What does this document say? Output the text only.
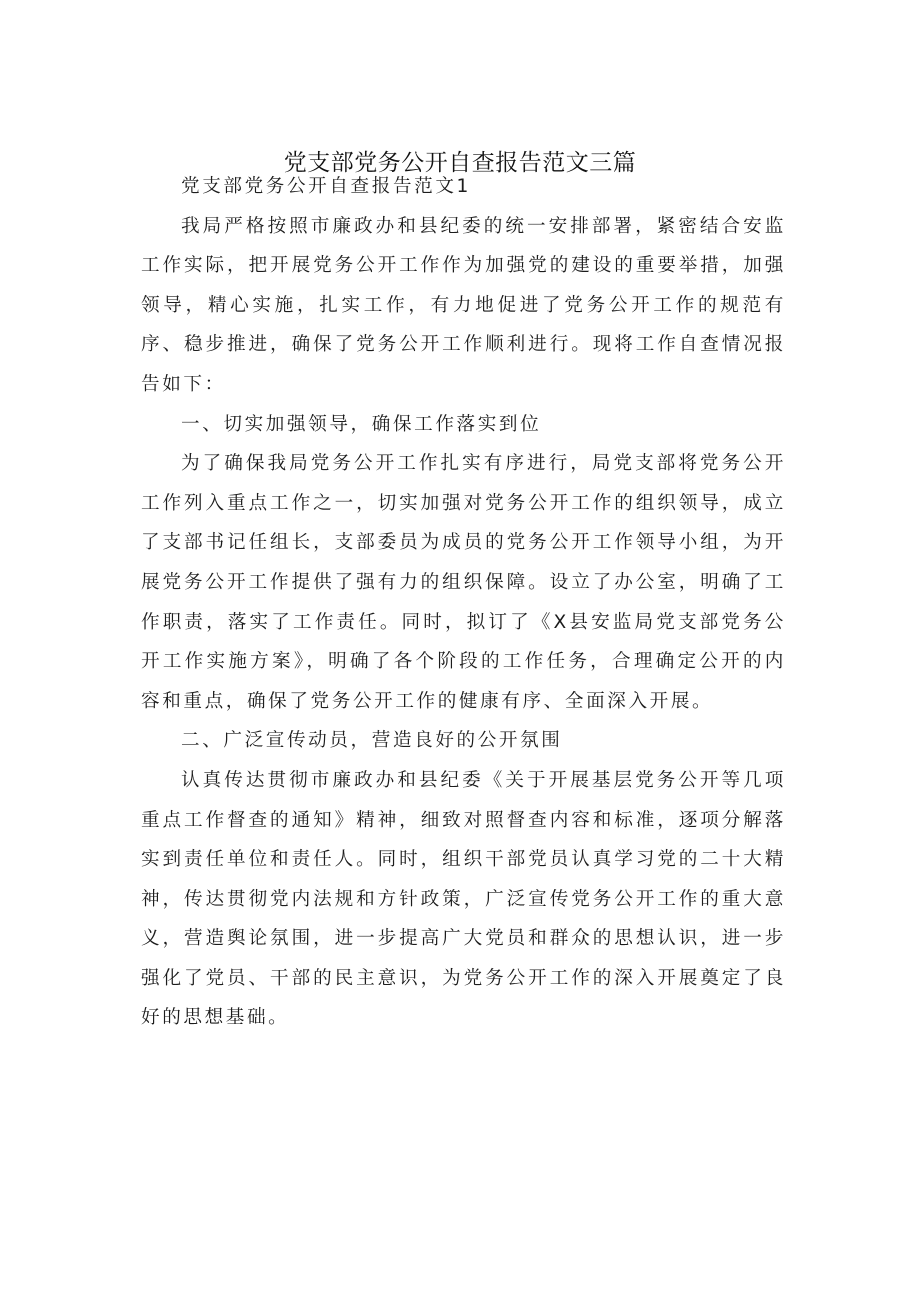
党支部党务公开自查报告范文三篇

党支部党务公开自查报告范文1

我局严格按照市廉政办和县纪委的统一安排部署，紧密结合安监工作实际，把开展党务公开工作作为加强党的建设的重要举措，加强领导，精心实施，扎实工作，有力地促进了党务公开工作的规范有序、稳步推进，确保了党务公开工作顺利进行。现将工作自查情况报告如下：

一、切实加强领导，确保工作落实到位

为了确保我局党务公开工作扎实有序进行，局党支部将党务公开工作列入重点工作之一，切实加强对党务公开工作的组织领导，成立了支部书记任组长，支部委员为成员的党务公开工作领导小组，为开展党务公开工作提供了强有力的组织保障。设立了办公室，明确了工作职责，落实了工作责任。同时，拟订了《X县安监局党支部党务公开工作实施方案》，明确了各个阶段的工作任务，合理确定公开的内容和重点，确保了党务公开工作的健康有序、全面深入开展。

二、广泛宣传动员，营造良好的公开氛围

认真传达贯彻市廉政办和县纪委《关于开展基层党务公开等几项重点工作督查的通知》精神，细致对照督查内容和标准，逐项分解落实到责任单位和责任人。同时，组织干部党员认真学习党的二十大精神，传达贯彻党内法规和方针政策，广泛宣传党务公开工作的重大意义，营造舆论氛围，进一步提高广大党员和群众的思想认识，进一步强化了党员、干部的民主意识，为党务公开工作的深入开展奠定了良好的思想基础。
